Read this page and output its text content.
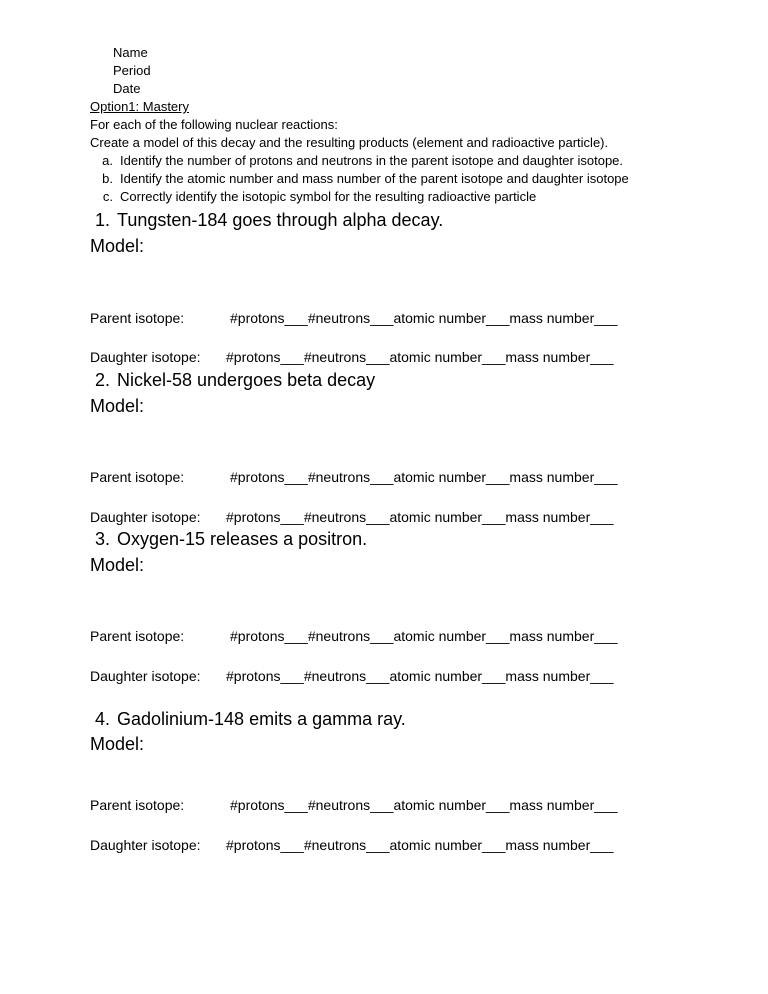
Name
Period
Date
Option1: Mastery
For each of the following nuclear reactions:
Create a model of this decay and the resulting products (element and radioactive particle).
a. Identify the number of protons and neutrons in the parent isotope and daughter isotope.
b. Identify the atomic number and mass number of the parent isotope and daughter isotope
c. Correctly identify the isotopic symbol for the resulting radioactive particle
1. Tungsten-184 goes through alpha decay.
Model:
Parent isotope:	#protons___#neutrons___atomic number___mass number___
Daughter isotope: #protons___#neutrons___atomic number___mass number___
2. Nickel-58 undergoes beta decay
Model:
Parent isotope:	#protons___#neutrons___atomic number___mass number___
Daughter isotope: #protons___#neutrons___atomic number___mass number___
3. Oxygen-15 releases a positron.
Model:
Parent isotope:	#protons___#neutrons___atomic number___mass number___
Daughter isotope: #protons___#neutrons___atomic number___mass number___
4. Gadolinium-148 emits a gamma ray.
Model:
Parent isotope:	#protons___#neutrons___atomic number___mass number___
Daughter isotope: #protons___#neutrons___atomic number___mass number___
